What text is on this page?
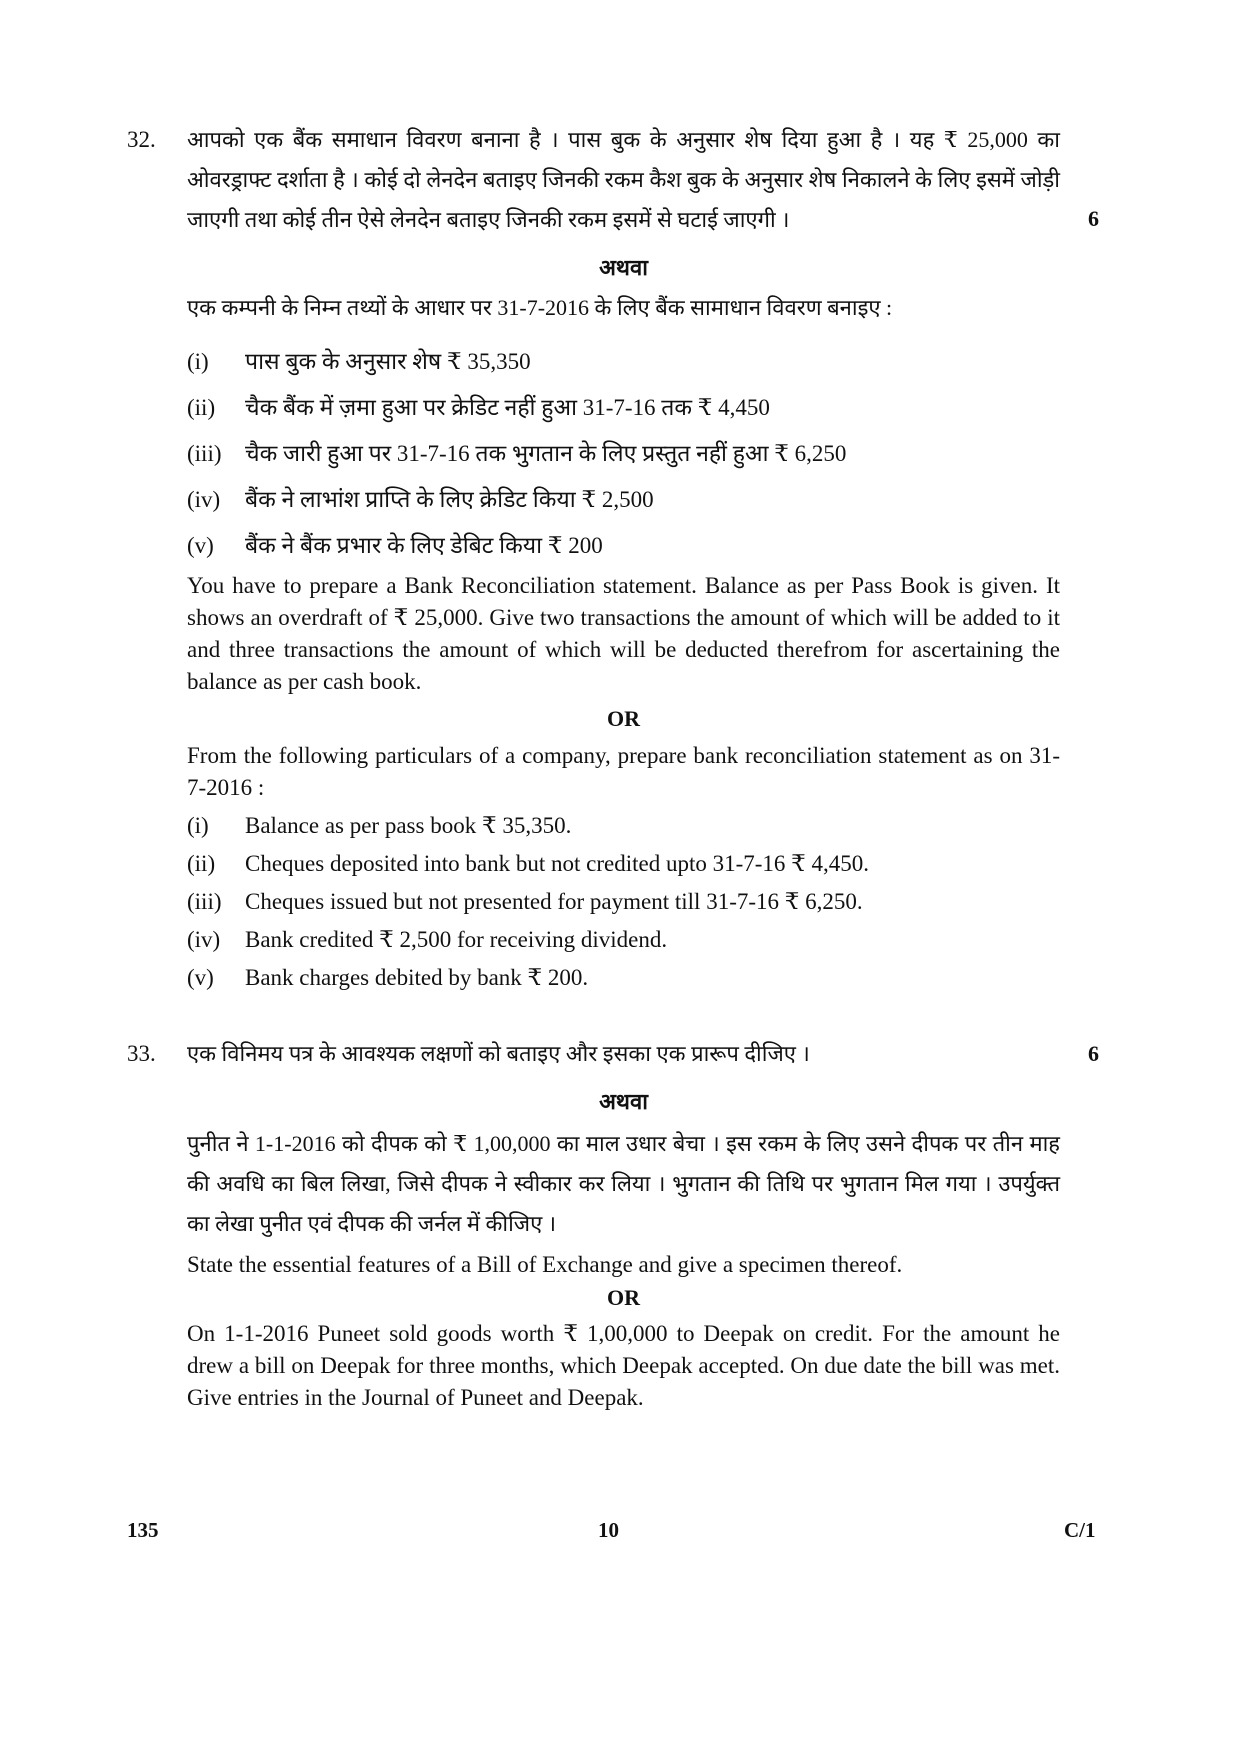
32. आपको एक बैंक समाधान विवरण बनाना है । पास बुक के अनुसार शेष दिया हुआ है । यह ₹ 25,000 का ओवरड्राफ्ट दर्शाता है । कोई दो लेनदेन बताइए जिनकी रकम कैश बुक के अनुसार शेष निकालने के लिए इसमें जोड़ी जाएगी तथा कोई तीन ऐसे लेनदेन बताइए जिनकी रकम इसमें से घटाई जाएगी ।	6
अथवा
एक कम्पनी के निम्न तथ्यों के आधार पर 31-7-2016 के लिए बैंक सामाधान विवरण बनाइए :
(i) पास बुक के अनुसार शेष ₹ 35,350
(ii) चैक बैंक में ज़मा हुआ पर क्रेडिट नहीं हुआ 31-7-16 तक ₹ 4,450
(iii) चैक जारी हुआ पर 31-7-16 तक भुगतान के लिए प्रस्तुत नहीं हुआ ₹ 6,250
(iv) बैंक ने लाभांश प्राप्ति के लिए क्रेडिट किया ₹ 2,500
(v) बैंक ने बैंक प्रभार के लिए डेबिट किया ₹ 200
You have to prepare a Bank Reconciliation statement. Balance as per Pass Book is given. It shows an overdraft of ₹ 25,000. Give two transactions the amount of which will be added to it and three transactions the amount of which will be deducted therefrom for ascertaining the balance as per cash book.
OR
From the following particulars of a company, prepare bank reconciliation statement as on 31-7-2016 :
(i) Balance as per pass book ₹ 35,350.
(ii) Cheques deposited into bank but not credited upto 31-7-16 ₹ 4,450.
(iii) Cheques issued but not presented for payment till 31-7-16 ₹ 6,250.
(iv) Bank credited ₹ 2,500 for receiving dividend.
(v) Bank charges debited by bank ₹ 200.
33. एक विनिमय पत्र के आवश्यक लक्षणों को बताइए और इसका एक प्रारूप दीजिए ।	6
अथवा
पुनीत ने 1-1-2016 को दीपक को ₹ 1,00,000 का माल उधार बेचा । इस रकम के लिए उसने दीपक पर तीन माह की अवधि का बिल लिखा, जिसे दीपक ने स्वीकार कर लिया । भुगतान की तिथि पर भुगतान मिल गया । उपर्युक्त का लेखा पुनीत एवं दीपक की जर्नल में कीजिए ।
State the essential features of a Bill of Exchange and give a specimen thereof.
OR
On 1-1-2016 Puneet sold goods worth ₹ 1,00,000 to Deepak on credit. For the amount he drew a bill on Deepak for three months, which Deepak accepted. On due date the bill was met. Give entries in the Journal of Puneet and Deepak.
135	10	C/1
